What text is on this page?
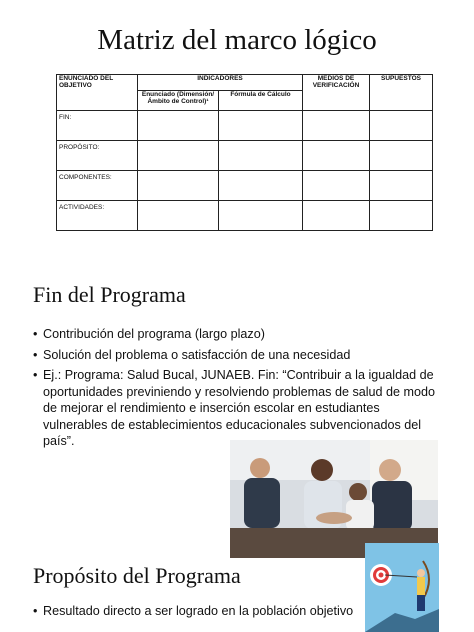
Matriz del marco lógico
ENUNCIADO DEL OBJETIVO	INDICADORES		MEDIOS DE VERIFICACIÓN	SUPUESTOS
	Enunciado (Dimensión/Ámbito de Control)¹	Fórmula de Cálculo		
FIN:				
PROPÓSITO:				
COMPONENTES:				
ACTIVIDADES:				
Fin del Programa
• Contribución del programa (largo plazo)
• Solución del problema o satisfacción de una necesidad
• Ej.: Programa: Salud Bucal, JUNAEB. Fin: “Contribuir a la igualdad de oportunidades previniendo y resolviendo problemas de salud de modo de mejorar el rendimiento e inserción escolar en estudiantes vulnerables de establecimientos educacionales subvencionados del país”.
Propósito del Programa
• Resultado directo a ser logrado en la población objetivo
